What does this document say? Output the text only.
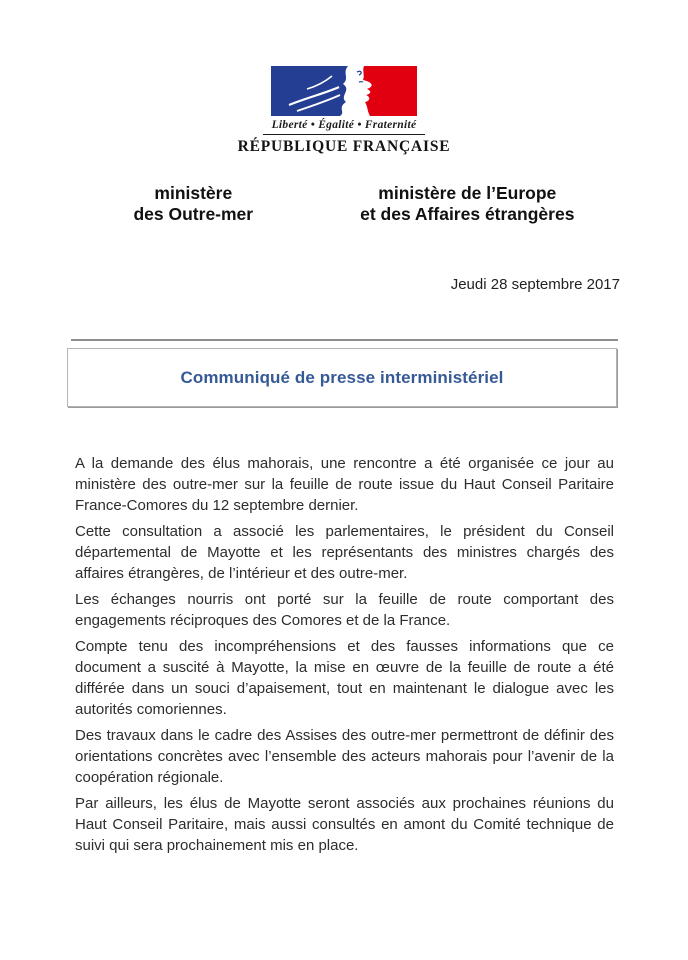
Liberté • Égalité • Fraternité
RÉPUBLIQUE FRANÇAISE
ministère
des Outre-mer
ministère de l’Europe
et des Affaires étrangères
Jeudi 28 septembre 2017
Communiqué de presse interministériel

A la demande des élus mahorais, une rencontre a été organisée ce jour au ministère des outre-mer sur la feuille de route issue du Haut Conseil Paritaire France-Comores du 12 septembre dernier.

Cette consultation a associé les parlementaires, le président du Conseil départemental de Mayotte et les représentants des ministres chargés des affaires étrangères, de l’intérieur et des outre-mer.

Les échanges nourris ont porté sur la feuille de route comportant des engagements réciproques des Comores et de la France.

Compte tenu des incompréhensions et des fausses informations que ce document a suscité à Mayotte, la mise en œuvre de la feuille de route a été différée dans un souci d’apaisement, tout en maintenant le dialogue avec les autorités comoriennes.

Des travaux dans le cadre des Assises des outre-mer permettront de définir des orientations concrètes avec l’ensemble des acteurs mahorais pour l’avenir de la coopération régionale.

Par ailleurs, les élus de Mayotte seront associés aux prochaines réunions du Haut Conseil Paritaire, mais aussi consultés en amont du Comité technique de suivi qui sera prochainement mis en place.
